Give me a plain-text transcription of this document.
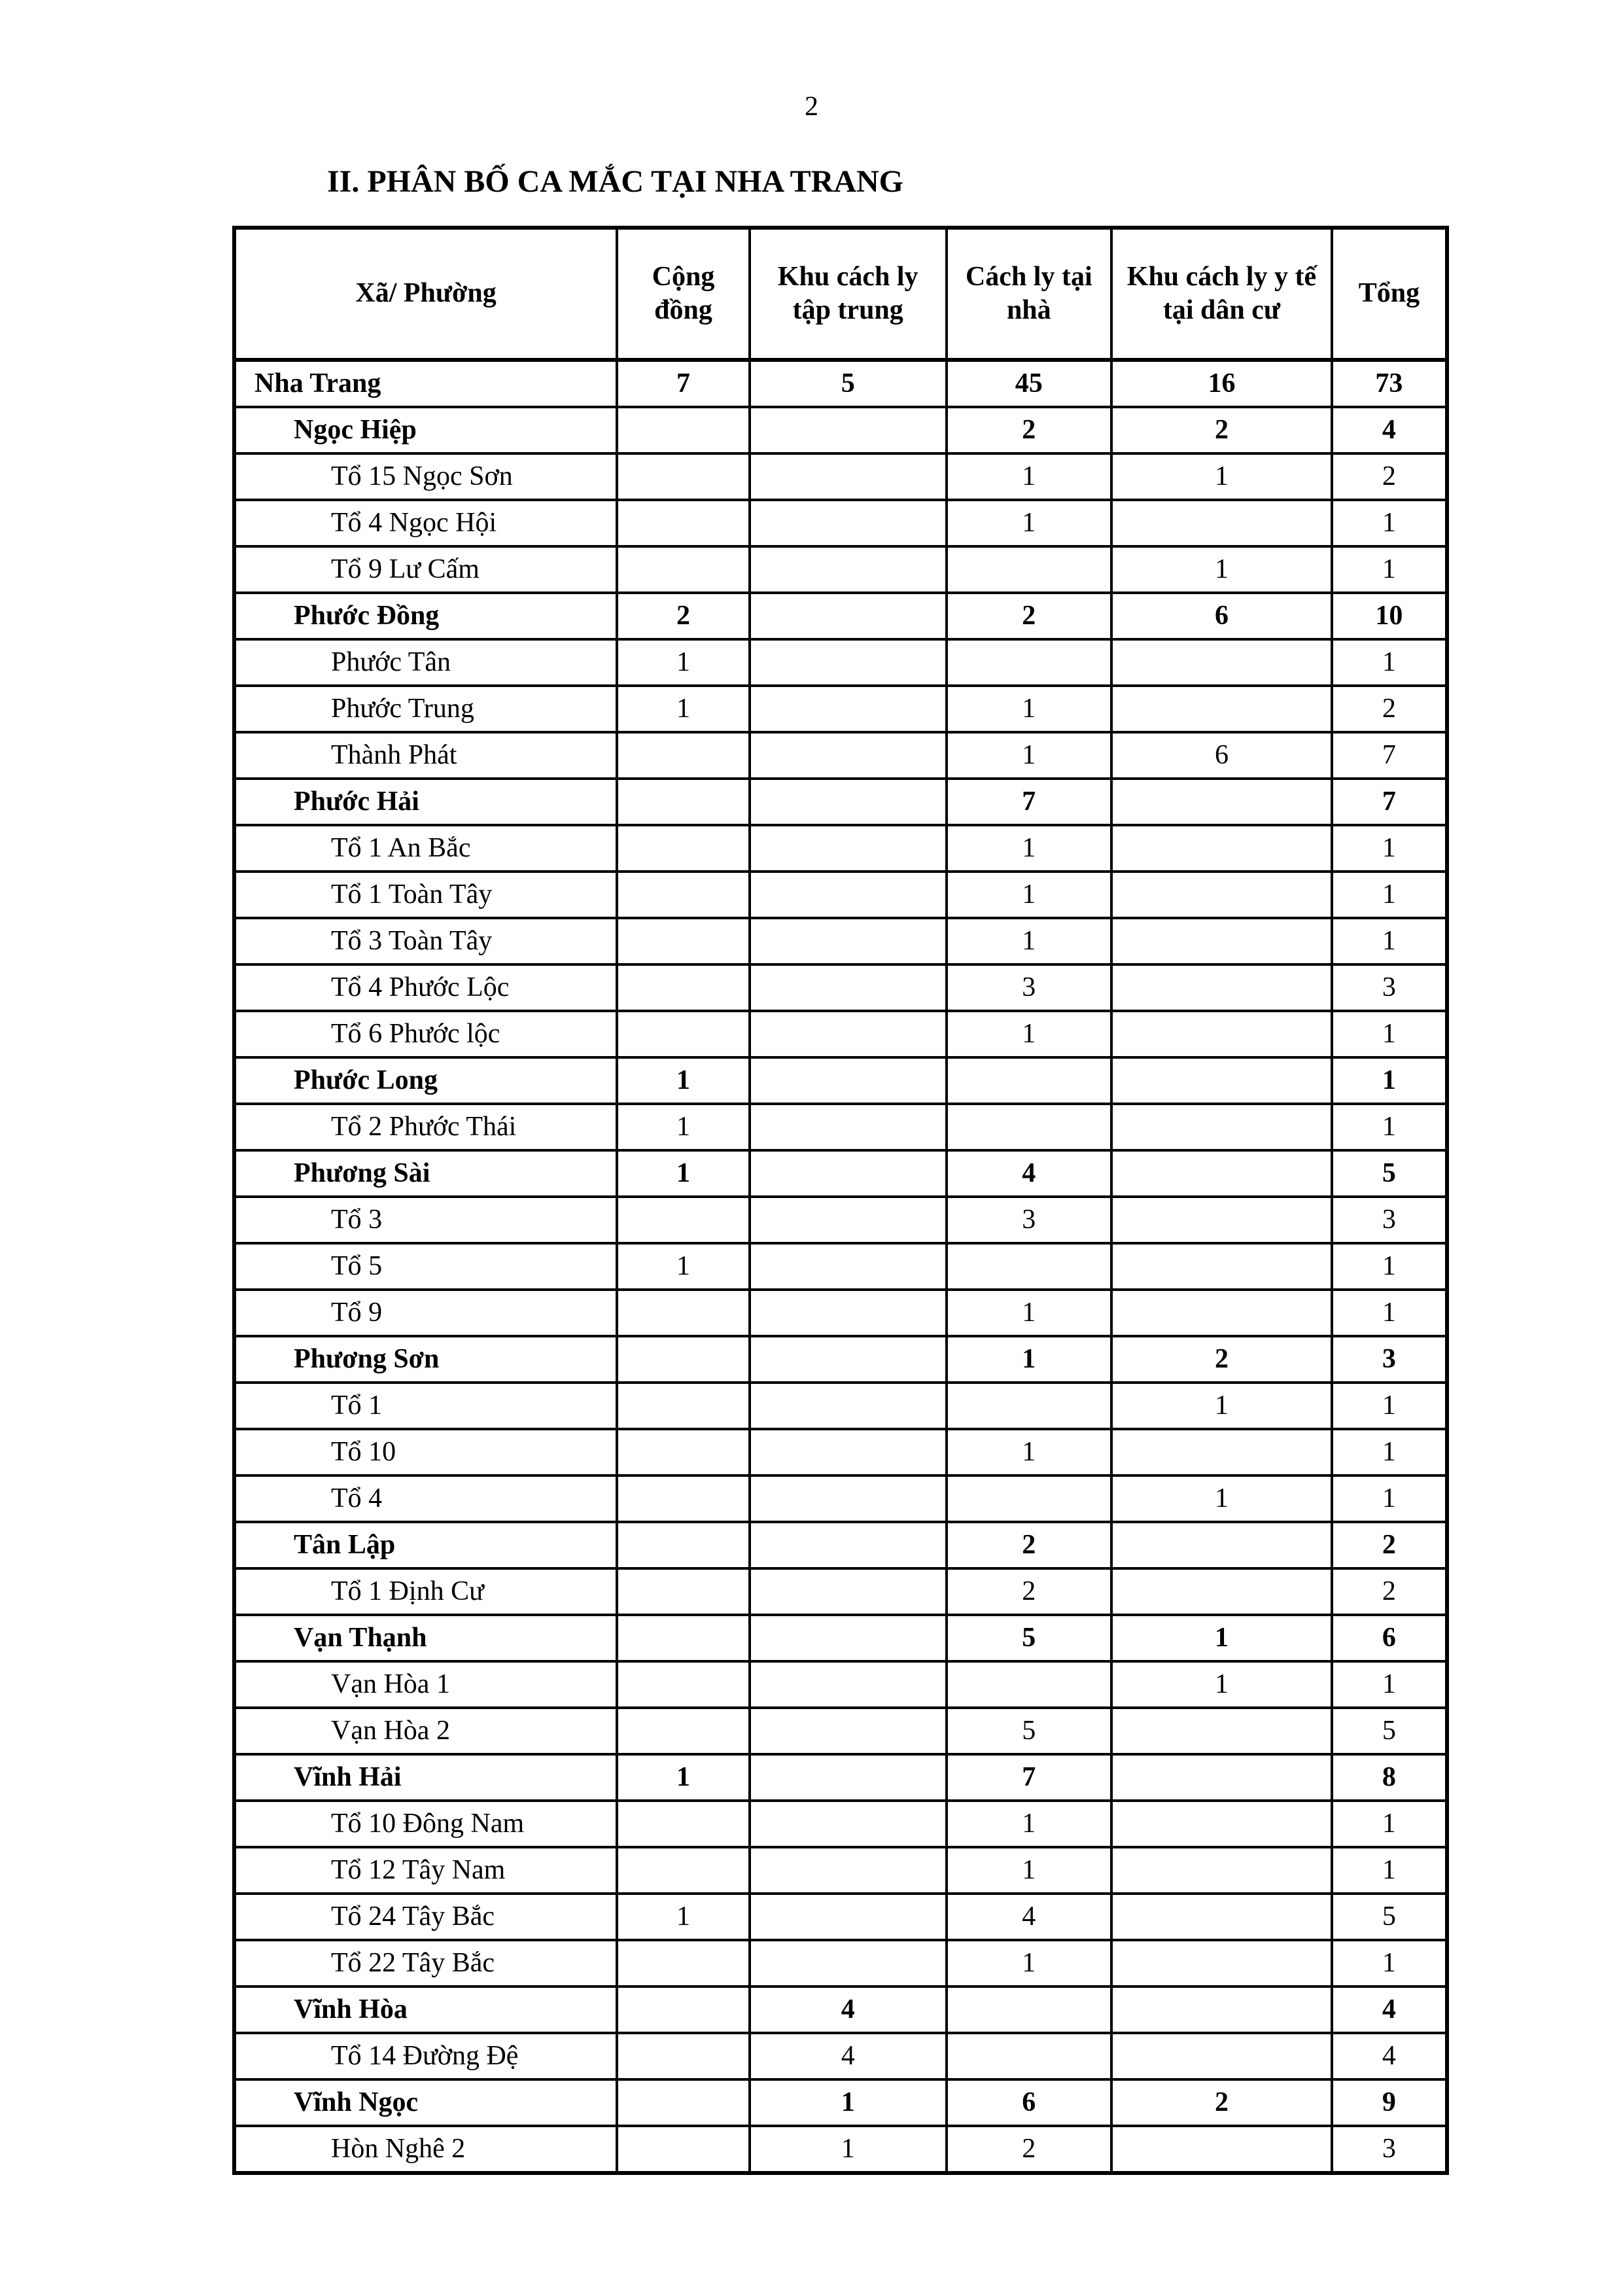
2
II. PHÂN BỐ CA MẮC TẠI NHA TRANG
Xã/ Phường	Cộng đồng	Khu cách ly tập trung	Cách ly tại nhà	Khu cách ly y tế tại dân cư	Tổng
Nha Trang	7	5	45	16	73
Ngọc Hiệp			2	2	4
Tổ 15 Ngọc Sơn			1	1	2
Tổ 4 Ngọc Hội			1		1
Tổ 9 Lư Cấm				1	1
Phước Đồng	2		2	6	10
Phước Tân	1				1
Phước Trung	1		1		2
Thành Phát			1	6	7
Phước Hải			7		7
Tổ 1 An Bắc			1		1
Tổ 1 Toàn Tây			1		1
Tổ 3 Toàn Tây			1		1
Tổ 4 Phước Lộc			3		3
Tổ 6 Phước lộc			1		1
Phước Long	1				1
Tổ 2 Phước Thái	1				1
Phương Sài	1		4		5
Tổ 3			3		3
Tổ 5	1				1
Tổ 9			1		1
Phương Sơn			1	2	3
Tổ 1				1	1
Tổ 10			1		1
Tổ 4				1	1
Tân Lập			2		2
Tổ 1 Định Cư			2		2
Vạn Thạnh			5	1	6
Vạn Hòa 1				1	1
Vạn Hòa 2			5		5
Vĩnh Hải	1		7		8
Tổ 10 Đông Nam			1		1
Tổ 12 Tây Nam			1		1
Tổ 24 Tây Bắc	1		4		5
Tổ 22 Tây Bắc			1		1
Vĩnh Hòa		4			4
Tổ 14 Đường Đệ		4			4
Vĩnh Ngọc		1	6	2	9
Hòn Nghê 2		1	2		3
